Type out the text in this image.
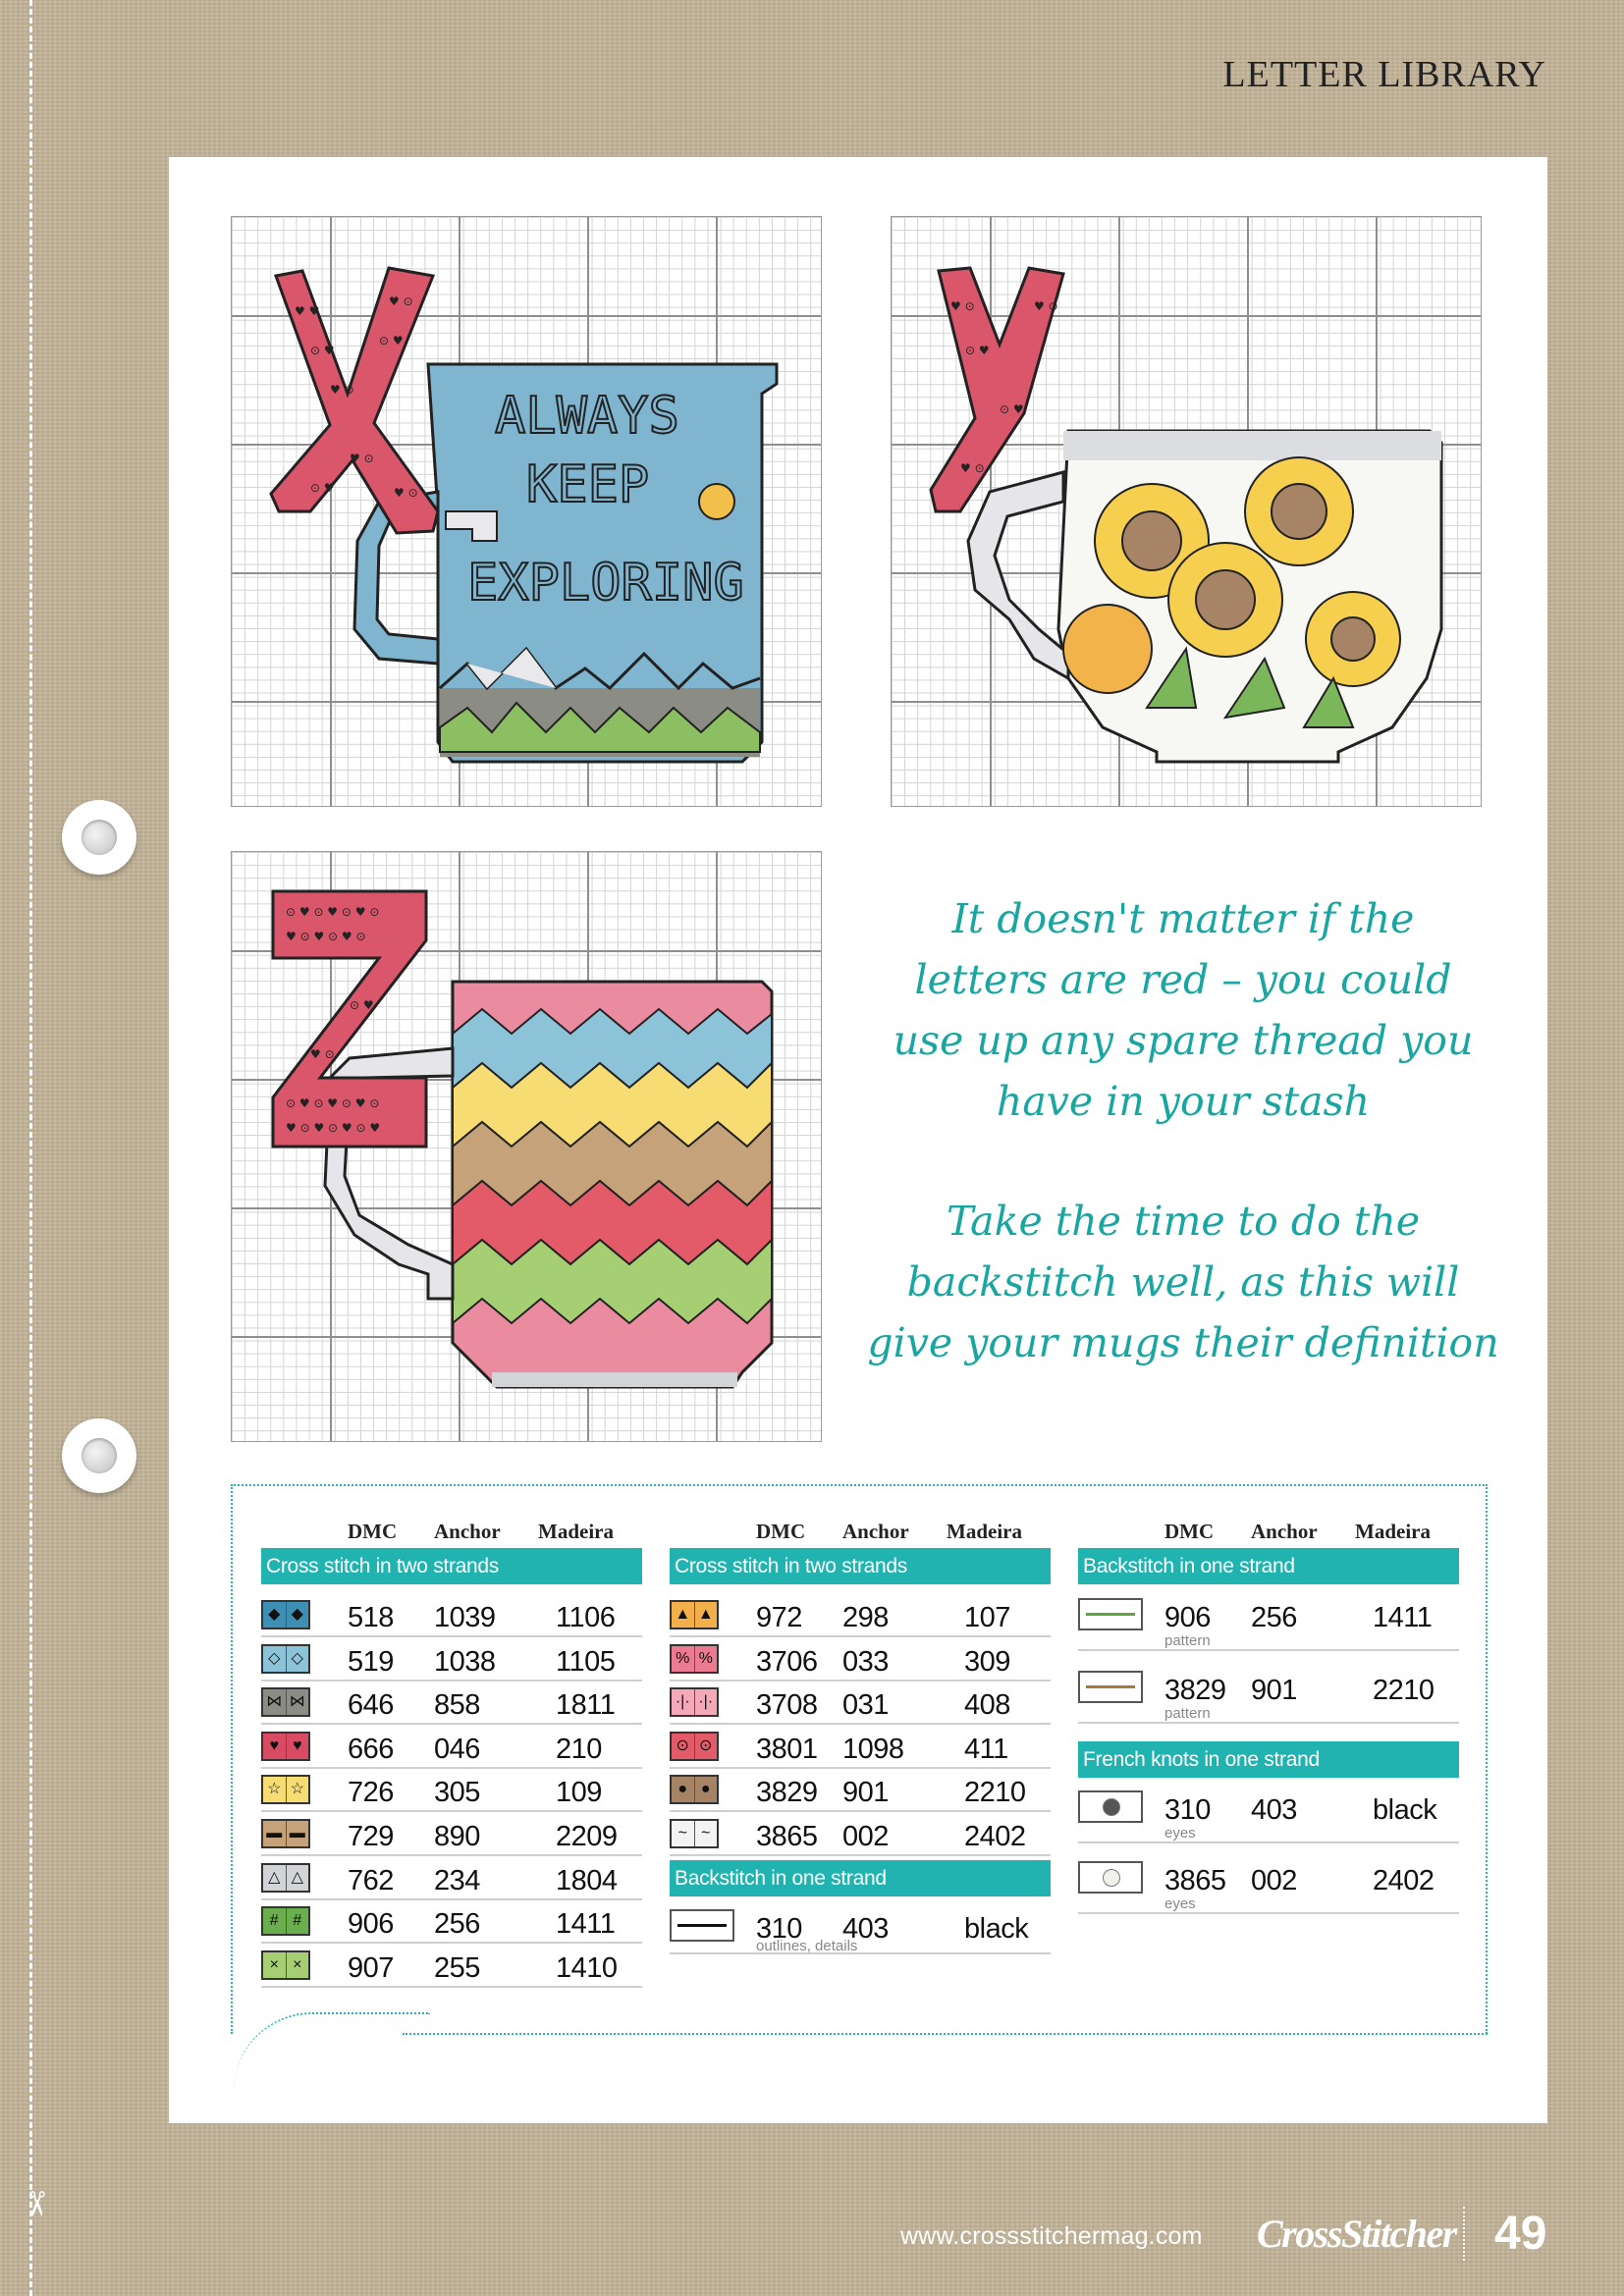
LETTER LIBRARY
♥ ♥
⊙ ♥
♥ ⊙
♥ ⊙
⊙ ♥
♥ ⊙
⊙ ♥	♥ ⊙
ALWAYS
KEEP
EXPLORING
♥ ⊙
⊙ ♥
♥ ⊙
⊙ ♥
♥ ⊙
⊙ ♥ ⊙ ♥ ⊙ ♥ ⊙
♥ ⊙ ♥ ⊙ ♥ ⊙
⊙ ♥
♥ ⊙
⊙ ♥ ⊙ ♥ ⊙ ♥ ⊙
♥ ⊙ ♥ ⊙ ♥ ⊙ ♥
It doesn't matter if the
letters are red – you could
use up any spare thread you
have in your stash
Take the time to do the
backstitch well, as this will
give your mugs their definition
DMC Anchor Madeira
Cross stitch in two strands
◆ ◆ 518 1039 1106
◇ ◇ 519 1038 1105
⋈ ⋈ 646 858	1811
♥ ♥ 666 046	210
☆ ☆ 726 305	109
▬ ▬ 729 890	2209
△ △ 762 234	1804
# # 906 256	1411
× × 907 255	1410
DMC Anchor Madeira
Cross stitch in two strands
▲ ▲ 972 298	107
% % 3706 033	309
·|· ·|· 3708 031	408
⊙ ⊙ 3801 1098 411
● ● 3829 901	2210
~ ~ 3865 002	2402
Backstitch in one strand
310 403	black
outlines, details
DMC Anchor Madeira
Backstitch in one strand
906 256	1411
pattern
3829 901	2210
pattern
French knots in one strand
310 403	black
eyes
3865 002	2402
eyes
✂
www.crossstitchermag.com CrossStitcher 49
